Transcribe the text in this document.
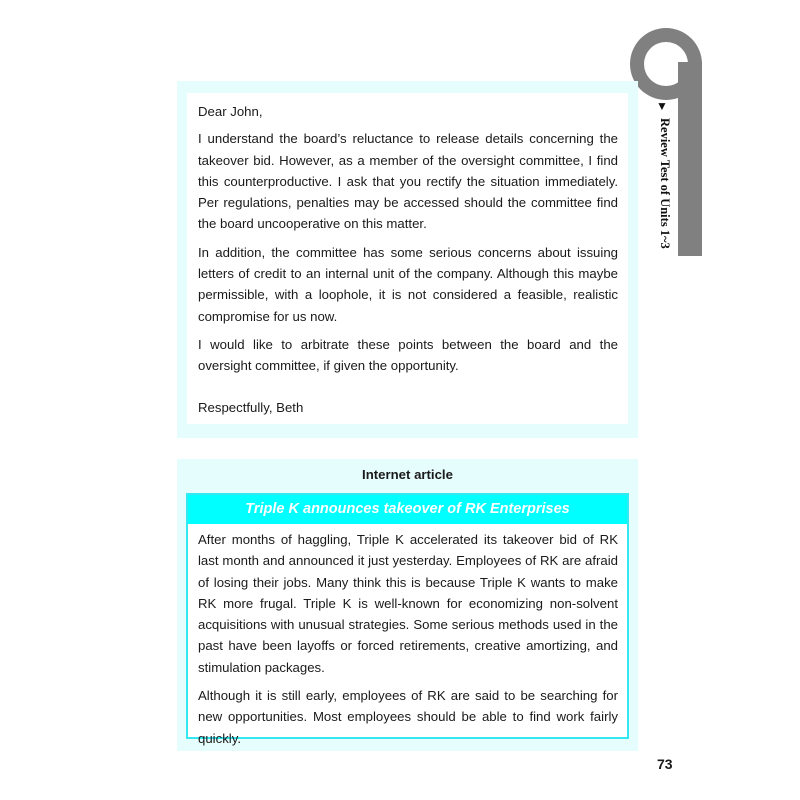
▼
Review Test of Units 1~3

Dear John,

I understand the board’s reluctance to release details concerning the takeover bid. However, as a member of the oversight committee, I find this counterproductive. I ask that you rectify the situation immediately. Per regulations, penalties may be accessed should the committee find the board uncooperative on this matter.

In addition, the committee has some serious concerns about issuing letters of credit to an internal unit of the company. Although this maybe permissible, with a loophole, it is not considered a feasible, realistic compromise for us now.

I would like to arbitrate these points between the board and the oversight committee, if given the opportunity.

Respectfully, Beth

Internet article
Triple K announces takeover of RK Enterprises

After months of haggling, Triple K accelerated its takeover bid of RK last month and announced it just yesterday. Employees of RK are afraid of losing their jobs. Many think this is because Triple K wants to make RK more frugal. Triple K is well-known for economizing non-solvent acquisitions with unusual strategies. Some serious methods used in the past have been layoffs or forced retirements, creative amortizing, and stimulation packages.

Although it is still early, employees of RK are said to be searching for new opportunities. Most employees should be able to find work fairly quickly.

73
